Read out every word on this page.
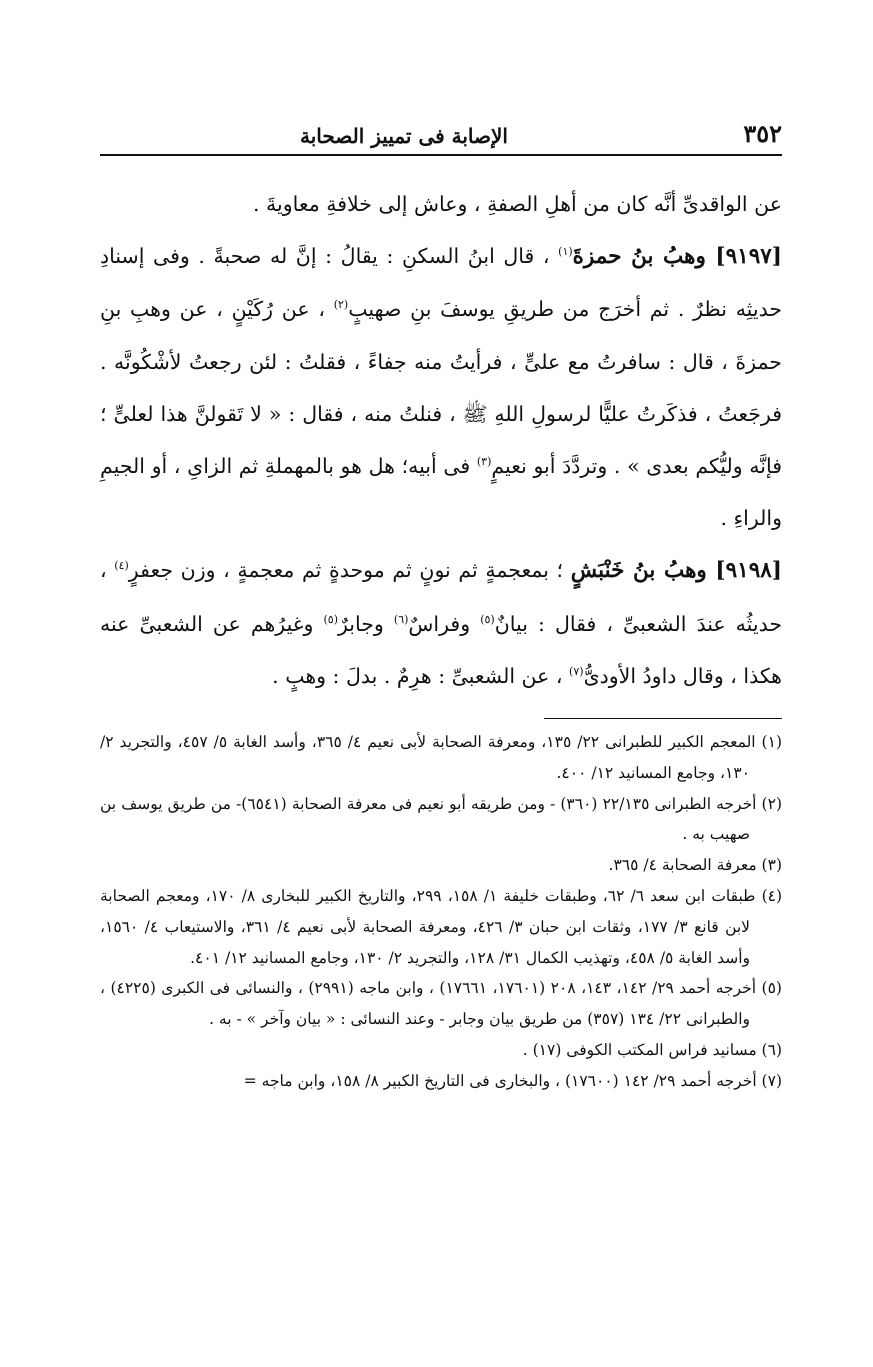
٣٥٢
الإصابة فى تمييز الصحابة

عن الواقدىِّ أنَّه كان من أهلِ الصفةِ ، وعاش إلى خلافةِ معاويةَ .

[٩١٩٧] وهبُ بنُ حمزةَ$^{(١)}$ ، قال ابنُ السكنِ : يقالُ : إنَّ له صحبةً . وفى إسنادِ حديثِه نظرٌ . ثم أخرَج من طريقِ يوسفَ بنِ صهيبٍ$^{(٢)}$ ، عن رُكَيْنٍ ، عن وهبِ بنِ حمزةَ ، قال : سافرتُ مع علىٍّ ، فرأيتُ منه جفاءً ، فقلتُ : لئن رجعتُ لأشْكُونَّه . فرجَعتُ ، فذكَرتُ عليًّا لرسولِ اللهِ ﷺ ، فنلتُ منه ، فقال : « لا تَقولنَّ هذا لعلىٍّ ؛ فإنَّه وليُّكم بعدى » . وتردَّدَ أبو نعيمٍ$^{(٣)}$ فى أبيه؛ هل هو بالمهملةِ ثم الزاىِ ، أو الجيمِ والراءِ .

[٩١٩٨] وهبُ بنُ خَنْبَشٍ ؛ بمعجمةٍ ثم نونٍ ثم موحدةٍ ثم معجمةٍ ، وزن جعفرٍ$^{(٤)}$ ، حديثُه عندَ الشعبىِّ ، فقال : بيانٌ$^{(٥)}$ وفراسٌ$^{(٦)}$ وجابرٌ$^{(٥)}$ وغيرُهم عن الشعبىِّ عنه هكذا ، وقال داودُ الأودىُّ$^{(٧)}$ ، عن الشعبىِّ : هرِمٌ . بدلَ : وهبٍ .

(١) المعجم الكبير للطبرانى ٢٢/ ١٣٥، ومعرفة الصحابة لأبى نعيم ٤/ ٣٦٥، وأسد الغابة ٥/ ٤٥٧، والتجريد ٢/ ١٣٠، وجامع المسانيد ١٢/ ٤٠٠.

(٢) أخرجه الطبرانى ٢٢/١٣٥ (٣٦٠) - ومن طريقه أبو نعيم فى معرفة الصحابة (٦٥٤١)- من طريق يوسف بن صهيب به .

(٣) معرفة الصحابة ٤/ ٣٦٥.

(٤) طبقات ابن سعد ٦/ ٦٢، وطبقات خليفة ١/ ١٥٨، ٢٩٩، والتاريخ الكبير للبخارى ٨/ ١٧٠، ومعجم الصحابة لابن قانع ٣/ ١٧٧، وثقات ابن حبان ٣/ ٤٢٦، ومعرفة الصحابة لأبى نعيم ٤/ ٣٦١، والاستيعاب ٤/ ١٥٦٠، وأسد الغابة ٥/ ٤٥٨، وتهذيب الكمال ٣١/ ١٢٨، والتجريد ٢/ ١٣٠، وجامع المسانيد ١٢/ ٤٠١.

(٥) أخرجه أحمد ٢٩/ ١٤٢، ١٤٣، ٢٠٨ (١٧٦٠١، ١٧٦٦١) ، وابن ماجه (٢٩٩١) ، والنسائى فى الكبرى (٤٢٢٥) ، والطبرانى ٢٢/ ١٣٤ (٣٥٧) من طريق بيان وجابر - وعند النسائى : « بيان وآخر » - به .

(٦) مسانيد فراس المكتب الكوفى (١٧) .

(٧) أخرجه أحمد ٢٩/ ١٤٢ (١٧٦٠٠) ، والبخارى فى التاريخ الكبير ٨/ ١٥٨، وابن ماجه =
